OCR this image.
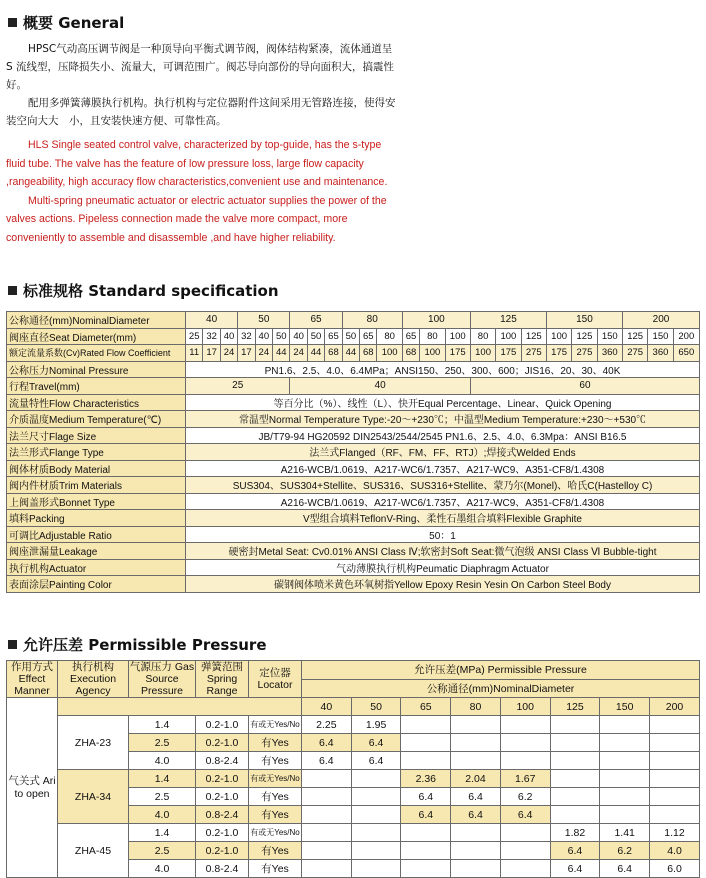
概要 General

HPSC气动高压调节阀是一种顶导向平衡式调节阀，阀体结构紧凑，流体通道呈 S 流线型，压降损失小、流量大，可调范围广。阀芯导向部份的导向面积大，搞震性好。

配用多弹簧薄膜执行机构。执行机构与定位器附件这间采用无管路连接，使得安装空向大大　小，且安装快速方便、可靠性高。

HLS Single seated control valve, characterized by top-guide, has the s-type fluid tube. The valve has the feature of low pressure loss, large flow capacity ,rangeability, high accuracy flow characteristics,convenient use and maintenance.

Multi-spring pneumatic actuator or electric actuator supplies the power of the valves actions. Pipeless connection made the valve more compact, more conveniently to assemble and disassemble ,and have higher reliability.

标准规格 Standard specification
公称通径(mm)NominalDiameter	40			50			65			80			100			125			150			200		
阀座直径Seat Diameter(mm)	25	32	40	32	40	50	40	50	65	50	65	80	65	80	100	80	100	125	100	125	150	125	150	200
额定流量系数(Cv)Rated Flow Coefficient	11	17	24	17	24	44	24	44	68	44	68	100	68	100	175	100	175	275	175	275	360	275	360	650
公称压力Nominal Pressure	PN1.6、2.5、4.0、6.4MPa；ANSI150、250、300、600；JIS16、20、30、40K																							
行程Travel(mm)	25						40									60								
流量特性Flow Characteristics	等百分比（%）、线性（L）、快开Equal Percentage、Linear、Quick Opening																							
介质温度Medium Temperature(℃)	常温型Normal Temperature Type:-20～+230℃；中温型Medium Temperature:+230～+530℃																							
法兰尺寸Flage Size	JB/T79-94 HG20592 DIN2543/2544/2545 PN1.6、2.5、4.0、6.3Mpa：ANSI B16.5																							
法兰形式Flange Type	法兰式Flanged（RF、FM、FF、RTJ）;焊接式Welded Ends																							
阀体材质Body Material	A216-WCB/1.0619、A217-WC6/1.7357、A217-WC9、A351-CF8/1.4308																							
阀内件材质Trim Materials	SUS304、SUS304+Stellite、SUS316、SUS316+Stellite、蒙乃尔(Monel)、哈氏C(Hastelloy C)																							
上阀盖形式Bonnet Type	A216-WCB/1.0619、A217-WC6/1.7357、A217-WC9、A351-CF8/1.4308																							
填料Packing	V型组合填料TeflonV-Ring、柔性石墨组合填料Flexible Graphite																							
可调比Adjustable Ratio	50：1																							
阀座泄漏量Leakage	硬密封Metal Seat: Cv0.01% ANSI Class Ⅳ;软密封Soft Seat:微气泡级 ANSI Class Ⅵ Bubble-tight																							
执行机构Actuator	气动薄膜执行机构Peumatic Diaphragm Actuator																							
表面涂层Painting Color	碳钢阀体喷米黄色环氧树指Yellow Epoxy Resin Yesin On Carbon Steel Body																							
允许压差 Permissible Pressure
作用方式 Effect Manner	执行机构 Execution Agency	气源压力 Gas Source Pressure	弹簧范围 Spring Range	定位器 Locator	允许压差(MPa) Permissible Pressure							
					公称通径(mm)NominalDiameter							
气关式 Ari to open					40	50	65	80	100	125	150	200
	ZHA-23	1.4	0.2-1.0	有或无Yes/No	2.25	1.95						
		2.5	0.2-1.0	有Yes	6.4	6.4						
		4.0	0.8-2.4	有Yes	6.4	6.4						
	ZHA-34	1.4	0.2-1.0	有或无Yes/No			2.36	2.04	1.67			
		2.5	0.2-1.0	有Yes			6.4	6.4	6.2			
		4.0	0.8-2.4	有Yes			6.4	6.4	6.4			
	ZHA-45	1.4	0.2-1.0	有或无Yes/No						1.82	1.41	1.12
		2.5	0.2-1.0	有Yes						6.4	6.2	4.0
		4.0	0.8-2.4	有Yes						6.4	6.4	6.0
